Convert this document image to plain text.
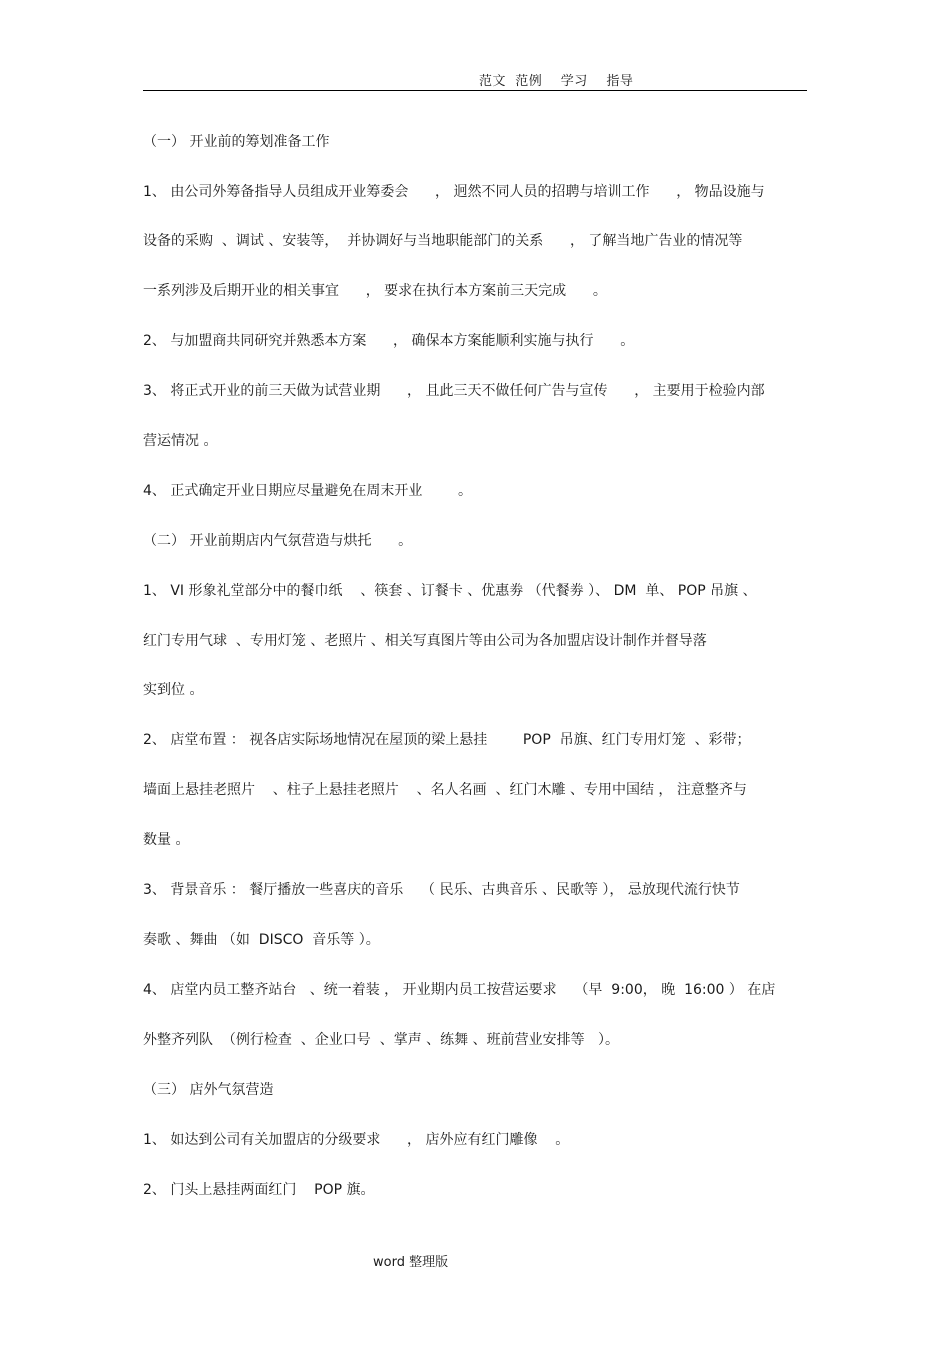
范文  范例    学习    指导
（一） 开业前的筹划准备工作
1、 由公司外筹备指导人员组成开业筹委会      ， 迥然不同人员的招聘与培训工作      ， 物品设施与
设备的采购  、调试 、安装等，  并协调好与当地职能部门的关系      ， 了解当地广告业的情况等
一系列涉及后期开业的相关事宜      ， 要求在执行本方案前三天完成      。
2、 与加盟商共同研究并熟悉本方案      ， 确保本方案能顺利实施与执行      。
3、 将正式开业的前三天做为试营业期      ， 且此三天不做任何广告与宣传      ， 主要用于检验内部
营运情况 。
4、 正式确定开业日期应尽量避免在周末开业        。
（二） 开业前期店内气氛营造与烘托      。
1、 VI 形象礼堂部分中的餐巾纸    、筷套 、订餐卡 、优惠劵 （代餐劵 ）、 DM  单、 POP 吊旗 、
红门专用气球  、专用灯笼 、老照片 、相关写真图片等由公司为各加盟店设计制作并督导落
实到位 。
2、 店堂布置 ： 视各店实际场地情况在屋顶的梁上悬挂        POP  吊旗、红门专用灯笼  、彩带；
墙面上悬挂老照片    、柱子上悬挂老照片    、名人名画  、红门木雕 、专用中国结 ， 注意整齐与
数量 。
3、 背景音乐 ： 餐厅播放一些喜庆的音乐    （ 民乐、古典音乐 、民歌等 ）， 忌放现代流行快节
奏歌 、舞曲 （如  DISCO  音乐等 ）。
4、 店堂内员工整齐站台   、统一着装 ， 开业期内员工按营运要求    （早  9:00， 晚  16:00 ） 在店
外整齐列队  （例行检查  、企业口号  、掌声 、练舞 、班前营业安排等   ）。
（三） 店外气氛营造
1、 如达到公司有关加盟店的分级要求      ， 店外应有红门雕像    。
2、 门头上悬挂两面红门    POP 旗。
word 整理版
